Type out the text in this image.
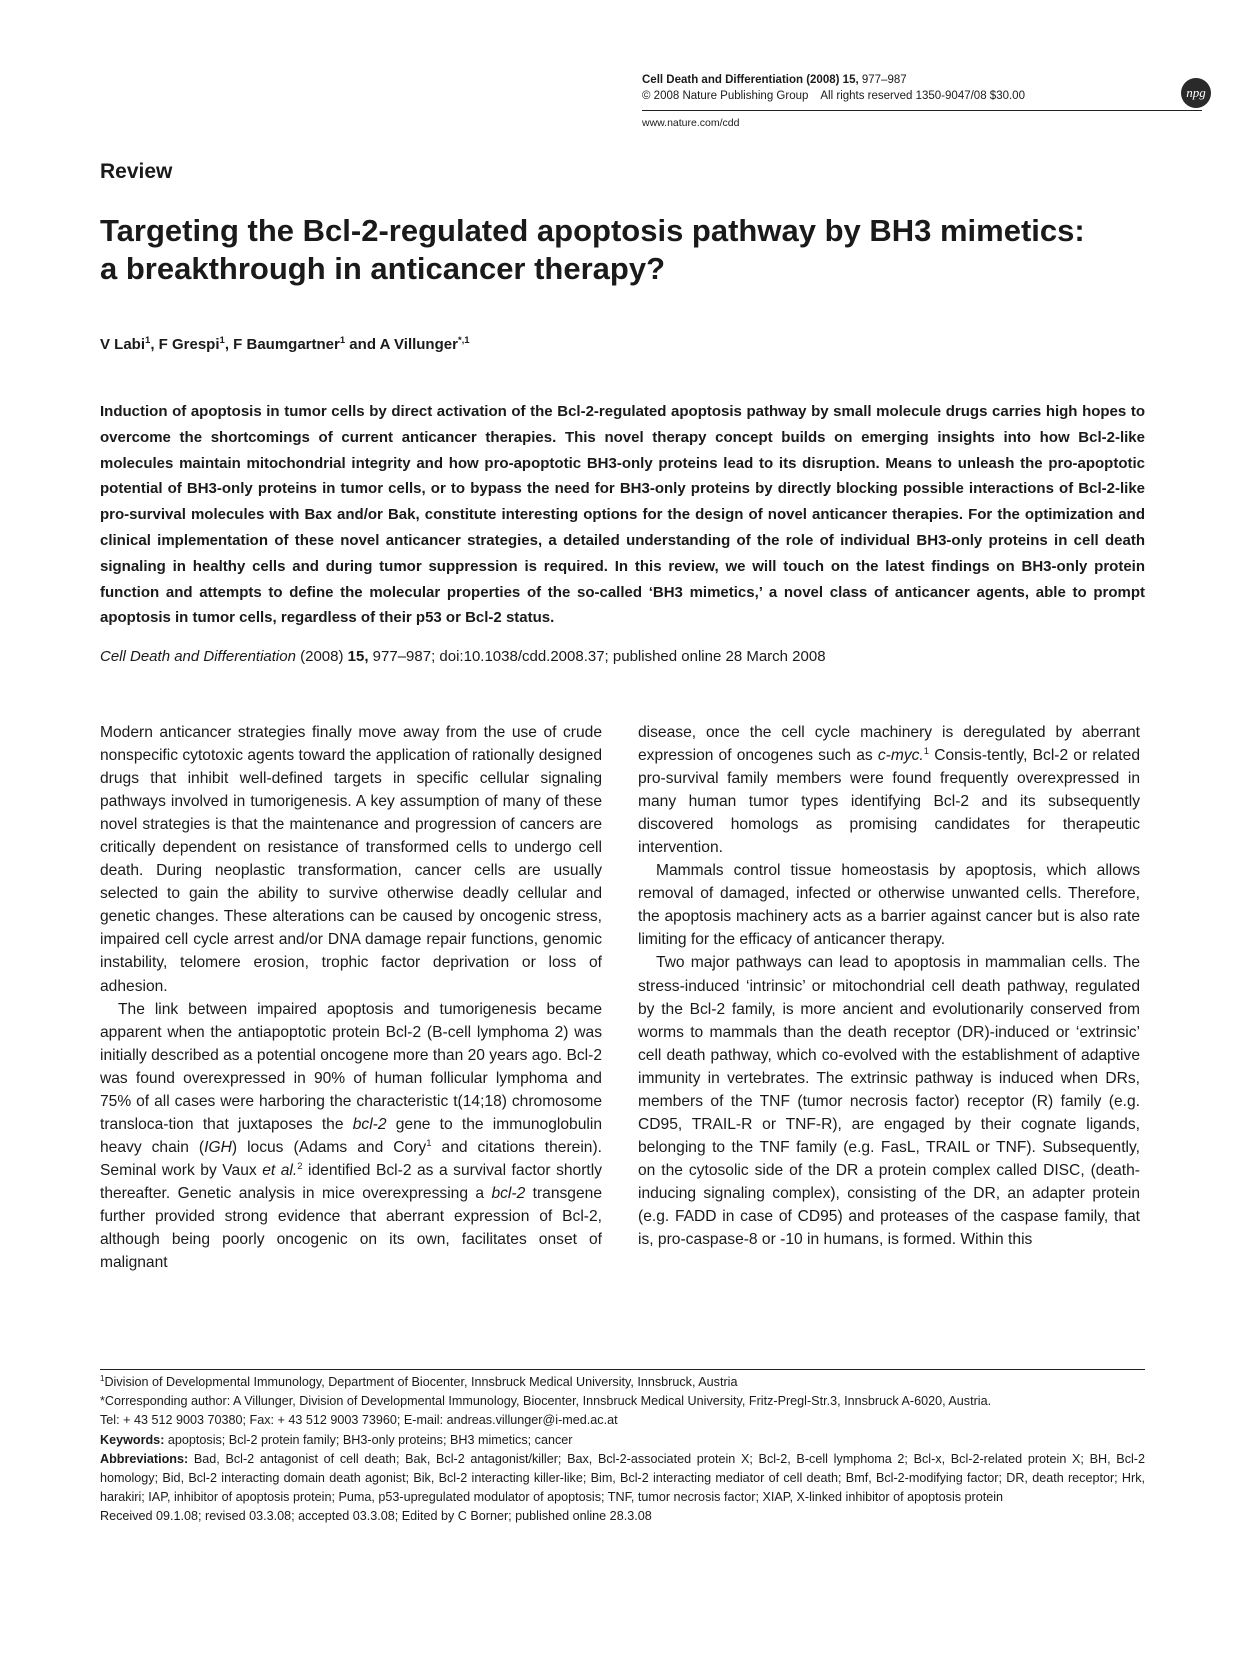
Cell Death and Differentiation (2008) 15, 977–987
© 2008 Nature Publishing Group All rights reserved 1350-9047/08 $30.00
www.nature.com/cdd
npg
Review
Targeting the Bcl-2-regulated apoptosis pathway by BH3 mimetics: a breakthrough in anticancer therapy?
V Labi$^1$, F Grespi$^1$, F Baumgartner$^1$ and A Villunger$^{*,1}$

Induction of apoptosis in tumor cells by direct activation of the Bcl-2-regulated apoptosis pathway by small molecule drugs carries high hopes to overcome the shortcomings of current anticancer therapies. This novel therapy concept builds on emerging insights into how Bcl-2-like molecules maintain mitochondrial integrity and how pro-apoptotic BH3-only proteins lead to its disruption. Means to unleash the pro-apoptotic potential of BH3-only proteins in tumor cells, or to bypass the need for BH3-only proteins by directly blocking possible interactions of Bcl-2-like pro-survival molecules with Bax and/or Bak, constitute interesting options for the design of novel anticancer therapies. For the optimization and clinical implementation of these novel anticancer strategies, a detailed understanding of the role of individual BH3-only proteins in cell death signaling in healthy cells and during tumor suppression is required. In this review, we will touch on the latest findings on BH3-only protein function and attempts to define the molecular properties of the so-called ‘BH3 mimetics,’ a novel class of anticancer agents, able to prompt apoptosis in tumor cells, regardless of their p53 or Bcl-2 status.

Cell Death and Differentiation (2008) 15, 977–987; doi:10.1038/cdd.2008.37; published online 28 March 2008

Modern anticancer strategies finally move away from the use of crude nonspecific cytotoxic agents toward the application of rationally designed drugs that inhibit well-defined targets in specific cellular signaling pathways involved in tumorigenesis. A key assumption of many of these novel strategies is that the maintenance and progression of cancers are critically dependent on resistance of transformed cells to undergo cell death. During neoplastic transformation, cancer cells are usually selected to gain the ability to survive otherwise deadly cellular and genetic changes. These alterations can be caused by oncogenic stress, impaired cell cycle arrest and/or DNA damage repair functions, genomic instability, telomere erosion, trophic factor deprivation or loss of adhesion.

The link between impaired apoptosis and tumorigenesis became apparent when the antiapoptotic protein Bcl-2 (B-cell lymphoma 2) was initially described as a potential oncogene more than 20 years ago. Bcl-2 was found overexpressed in 90% of human follicular lymphoma and 75% of all cases were harboring the characteristic t(14;18) chromosome transloca-tion that juxtaposes the bcl-2 gene to the immunoglobulin heavy chain (IGH) locus (Adams and Cory$^1$ and citations therein). Seminal work by Vaux et al.$^2$ identified Bcl-2 as a survival factor shortly thereafter. Genetic analysis in mice overexpressing a bcl-2 transgene further provided strong evidence that aberrant expression of Bcl-2, although being poorly oncogenic on its own, facilitates onset of malignant

disease, once the cell cycle machinery is deregulated by aberrant expression of oncogenes such as c-myc.$^1$ Consis-tently, Bcl-2 or related pro-survival family members were found frequently overexpressed in many human tumor types identifying Bcl-2 and its subsequently discovered homologs as promising candidates for therapeutic intervention.

Mammals control tissue homeostasis by apoptosis, which allows removal of damaged, infected or otherwise unwanted cells. Therefore, the apoptosis machinery acts as a barrier against cancer but is also rate limiting for the efficacy of anticancer therapy.

Two major pathways can lead to apoptosis in mammalian cells. The stress-induced ‘intrinsic’ or mitochondrial cell death pathway, regulated by the Bcl-2 family, is more ancient and evolutionarily conserved from worms to mammals than the death receptor (DR)-induced or ‘extrinsic’ cell death pathway, which co-evolved with the establishment of adaptive immunity in vertebrates. The extrinsic pathway is induced when DRs, members of the TNF (tumor necrosis factor) receptor (R) family (e.g. CD95, TRAIL-R or TNF-R), are engaged by their cognate ligands, belonging to the TNF family (e.g. FasL, TRAIL or TNF). Subsequently, on the cytosolic side of the DR a protein complex called DISC, (death-inducing signaling complex), consisting of the DR, an adapter protein (e.g. FADD in case of CD95) and proteases of the caspase family, that is, pro-caspase-8 or -10 in humans, is formed. Within this

$^1$Division of Developmental Immunology, Department of Biocenter, Innsbruck Medical University, Innsbruck, Austria

*Corresponding author: A Villunger, Division of Developmental Immunology, Biocenter, Innsbruck Medical University, Fritz-Pregl-Str.3, Innsbruck A-6020, Austria.

Tel: + 43 512 9003 70380; Fax: + 43 512 9003 73960; E-mail: andreas.villunger@i-med.ac.at

Keywords: apoptosis; Bcl-2 protein family; BH3-only proteins; BH3 mimetics; cancer

Abbreviations: Bad, Bcl-2 antagonist of cell death; Bak, Bcl-2 antagonist/killer; Bax, Bcl-2-associated protein X; Bcl-2, B-cell lymphoma 2; Bcl-x, Bcl-2-related protein X; BH, Bcl-2 homology; Bid, Bcl-2 interacting domain death agonist; Bik, Bcl-2 interacting killer-like; Bim, Bcl-2 interacting mediator of cell death; Bmf, Bcl-2-modifying factor; DR, death receptor; Hrk, harakiri; IAP, inhibitor of apoptosis protein; Puma, p53-upregulated modulator of apoptosis; TNF, tumor necrosis factor; XIAP, X-linked inhibitor of apoptosis protein

Received 09.1.08; revised 03.3.08; accepted 03.3.08; Edited by C Borner; published online 28.3.08
